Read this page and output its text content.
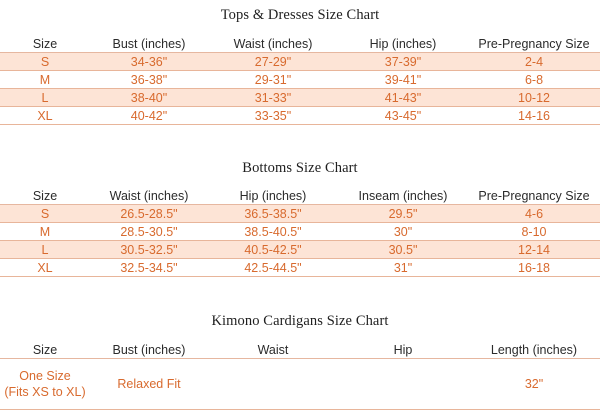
Tops & Dresses Size Chart
Size	Bust (inches)	Waist (inches)	Hip (inches)	Pre-Pregnancy Size
S	34-36"	27-29"	37-39"	2-4
M	36-38"	29-31"	39-41"	6-8
L	38-40"	31-33"	41-43"	10-12
XL	40-42"	33-35"	43-45"	14-16
Bottoms Size Chart
Size	Waist (inches)	Hip (inches)	Inseam (inches)	Pre-Pregnancy Size
S	26.5-28.5"	36.5-38.5"	29.5"	4-6
M	28.5-30.5"	38.5-40.5"	30"	8-10
L	30.5-32.5"	40.5-42.5"	30.5"	12-14
XL	32.5-34.5"	42.5-44.5"	31"	16-18
Kimono Cardigans Size Chart
Size	Bust (inches)	Waist	Hip	Length (inches)
One Size
(Fits XS to XL)	Relaxed Fit			32"
